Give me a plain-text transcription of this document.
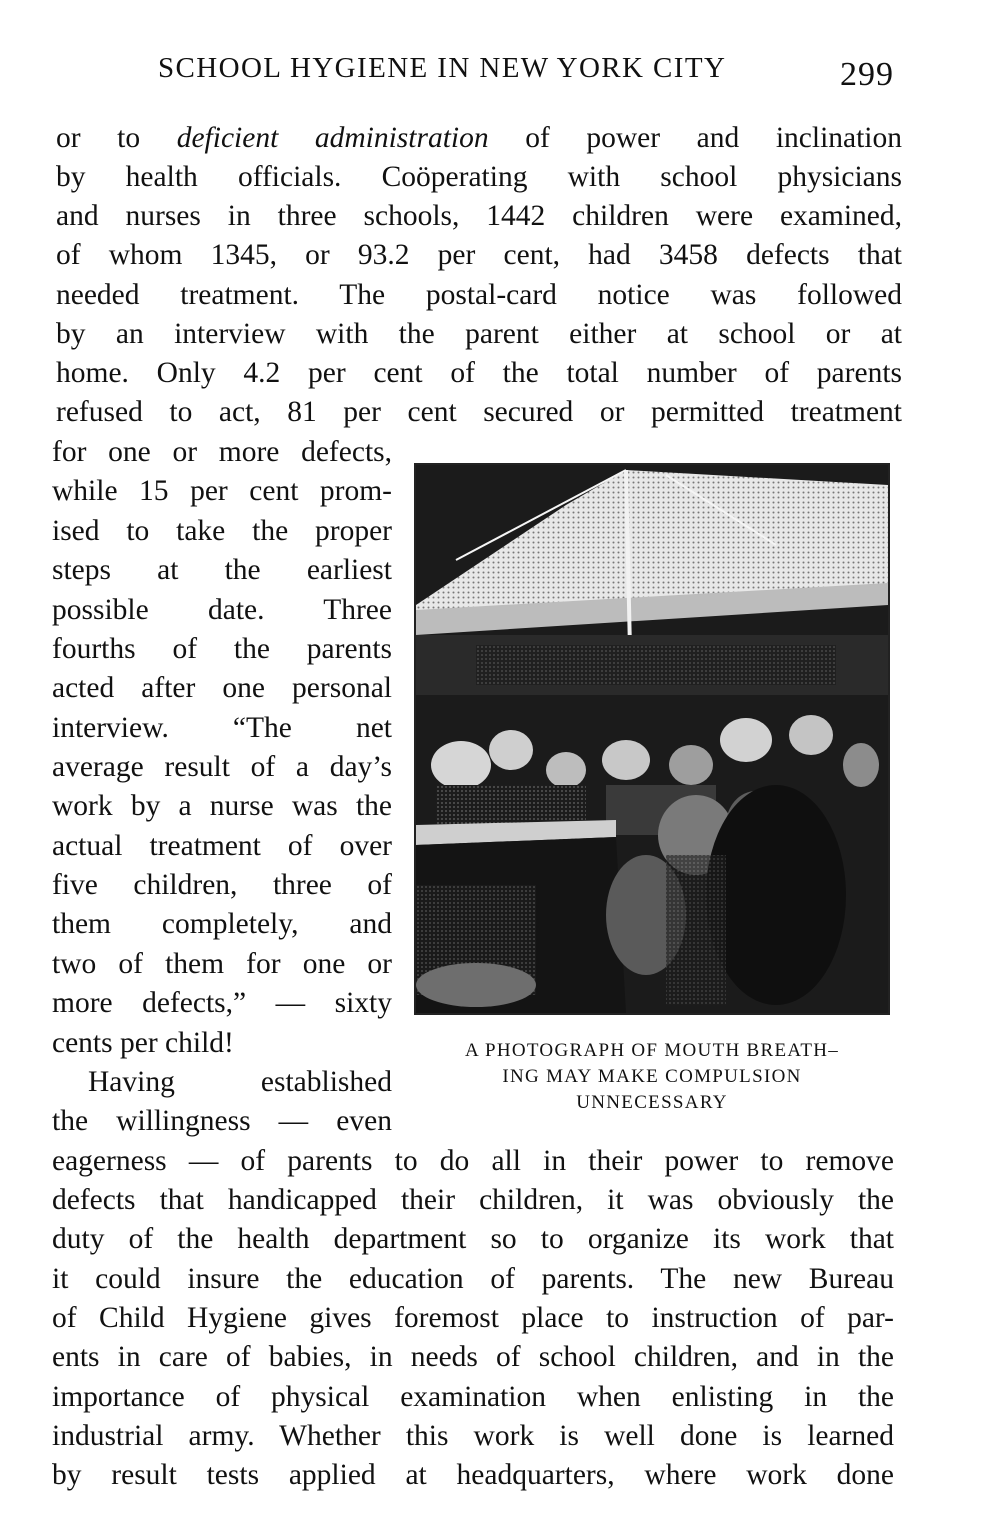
SCHOOL HYGIENE IN NEW YORK CITY	299
or to deficient administration of power and inclination
by health officials. Coöperating with school physicians
and nurses in three schools, 1442 children were examined,
of whom 1345, or 93.2 per cent, had 3458 defects that
needed treatment. The postal-card notice was followed
by an interview with the parent either at school or at
home. Only 4.2 per cent of the total number of parents
refused to act, 81 per cent secured or permitted treatment
for one or more defects,
while 15 per cent prom-
ised to take the proper
steps at the earliest
possible date. Three
fourths of the parents
acted after one personal
interview. “The net
average result of a day’s
work by a nurse was the
actual treatment of over
five children, three of
them completely, and
two of them for one or
more defects,” — sixty
cents per child!
Having established
the willingness — even
eagerness — of parents to do all in their power to remove
defects that handicapped their children, it was obviously the
duty of the health department so to organize its work that
it could insure the education of parents. The new Bureau
of Child Hygiene gives foremost place to instruction of par-
ents in care of babies, in needs of school children, and in the
importance of physical examination when enlisting in the
industrial army. Whether this work is well done is learned
by result tests applied at headquarters, where work done
A PHOTOGRAPH OF MOUTH BREATH–
ING MAY MAKE COMPULSION
UNNECESSARY
